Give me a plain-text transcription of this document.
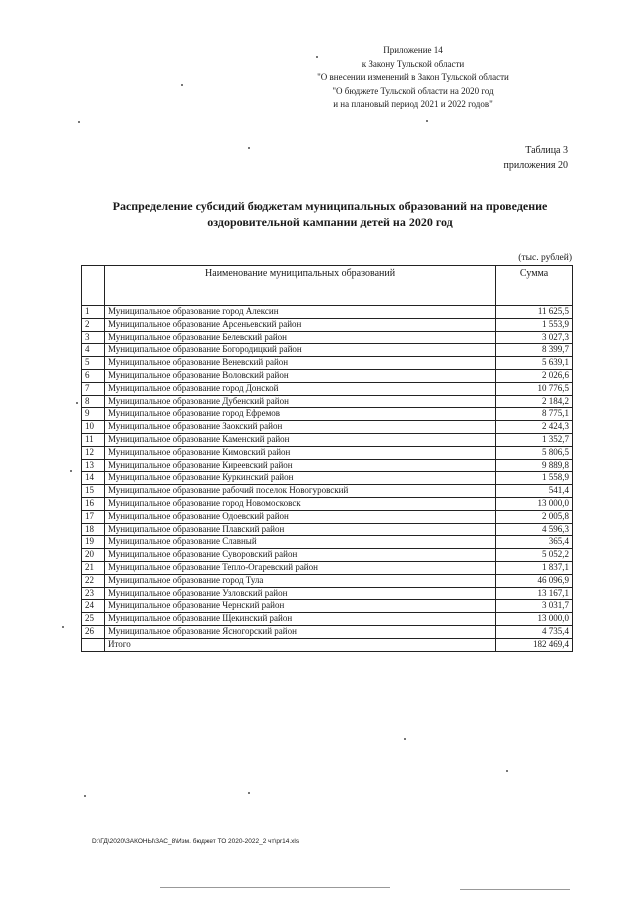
Приложение 14
к Закону Тульской области
"О внесении изменений в Закон Тульской области
"О бюджете Тульской области на 2020 год
и на плановый период 2021 и 2022 годов"
Таблица 3
приложения 20
Распределение субсидий бюджетам муниципальных образований на проведение оздоровительной кампании детей на 2020 год
(тыс. рублей)
	Наименование муниципальных образований	Сумма
1	Муниципальное образование город Алексин	11 625,5
2	Муниципальное образование Арсеньевский район	1 553,9
3	Муниципальное образование Белевский район	3 027,3
4	Муниципальное образование Богородицкий район	8 399,7
5	Муниципальное образование Веневский район	5 639,1
6	Муниципальное образование Воловский район	2 026,6
7	Муниципальное образование город Донской	10 776,5
8	Муниципальное образование Дубенский район	2 184,2
9	Муниципальное образование город Ефремов	8 775,1
10	Муниципальное образование Заокский район	2 424,3
11	Муниципальное образование Каменский район	1 352,7
12	Муниципальное образование Кимовский район	5 806,5
13	Муниципальное образование Киреевский район	9 889,8
14	Муниципальное образование Куркинский район	1 558,9
15	Муниципальное образование рабочий поселок Новогуровский	541,4
16	Муниципальное образование город Новомосковск	13 000,0
17	Муниципальное образование Одоевский район	2 005,8
18	Муниципальное образование Плавский район	4 596,3
19	Муниципальное образование Славный	365,4
20	Муниципальное образование Суворовский район	5 052,2
21	Муниципальное образование Тепло-Огаревский район	1 837,1
22	Муниципальное образование город Тула	46 096,9
23	Муниципальное образование Узловский район	13 167,1
24	Муниципальное образование Чернский район	3 031,7
25	Муниципальное образование Щекинский район	13 000,0
26	Муниципальное образование Ясногорский район	4 735,4
	Итого	182 469,4
D:\ГД\2020\ЗАКОНЫ\ЗАС_8\Изм. бюджет ТО 2020-2022_2 чт\pr14.xls
